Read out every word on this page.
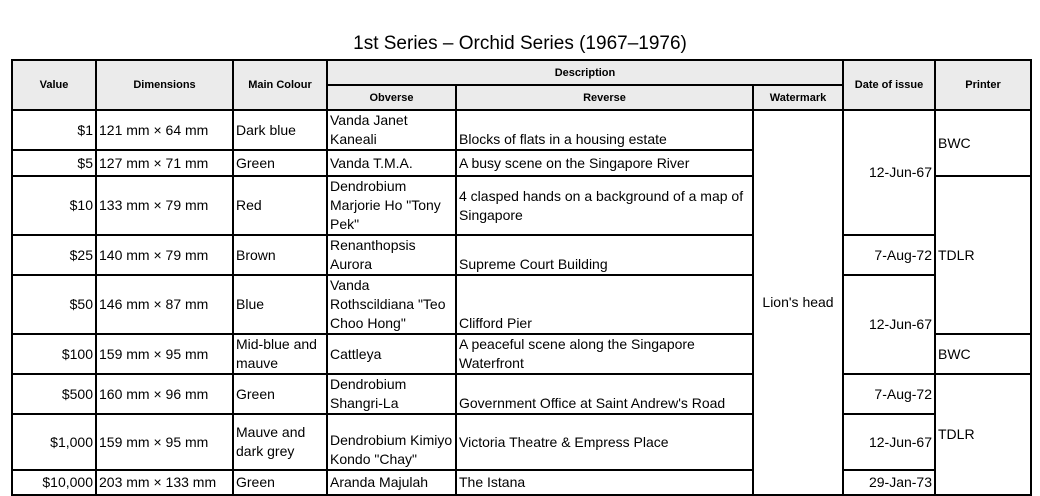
1st Series – Orchid Series (1967–1976)
Value	Dimensions	Main Colour	Description			Date of issue	Printer
			Obverse	Reverse	Watermark		
$1	121 mm × 64 mm	Dark blue	Vanda Janet Kaneali	Blocks of flats in a housing estate	Lion's head	12-Jun-67	BWC
$5	127 mm × 71 mm	Green	Vanda T.M.A.	A busy scene on the Singapore River			
$10	133 mm × 79 mm	Red	Dendrobium Marjorie Ho "Tony Pek"	4 clasped hands on a background of a map of Singapore			TDLR
$25	140 mm × 79 mm	Brown	Renanthopsis Aurora	Supreme Court Building		7-Aug-72	
$50	146 mm × 87 mm	Blue	Vanda Rothscildiana "Teo Choo Hong"	Clifford Pier		12-Jun-67	
$100	159 mm × 95 mm	Mid-blue and mauve	Cattleya	A peaceful scene along the Singapore Waterfront			BWC
$500	160 mm × 96 mm	Green	Dendrobium Shangri-La	Government Office at Saint Andrew's Road		7-Aug-72	TDLR
$1,000	159 mm × 95 mm	Mauve and dark grey	Dendrobium Kimiyo Kondo "Chay"	Victoria Theatre & Empress Place		12-Jun-67	
$10,000	203 mm × 133 mm	Green	Aranda Majulah	The Istana		29-Jan-73	
